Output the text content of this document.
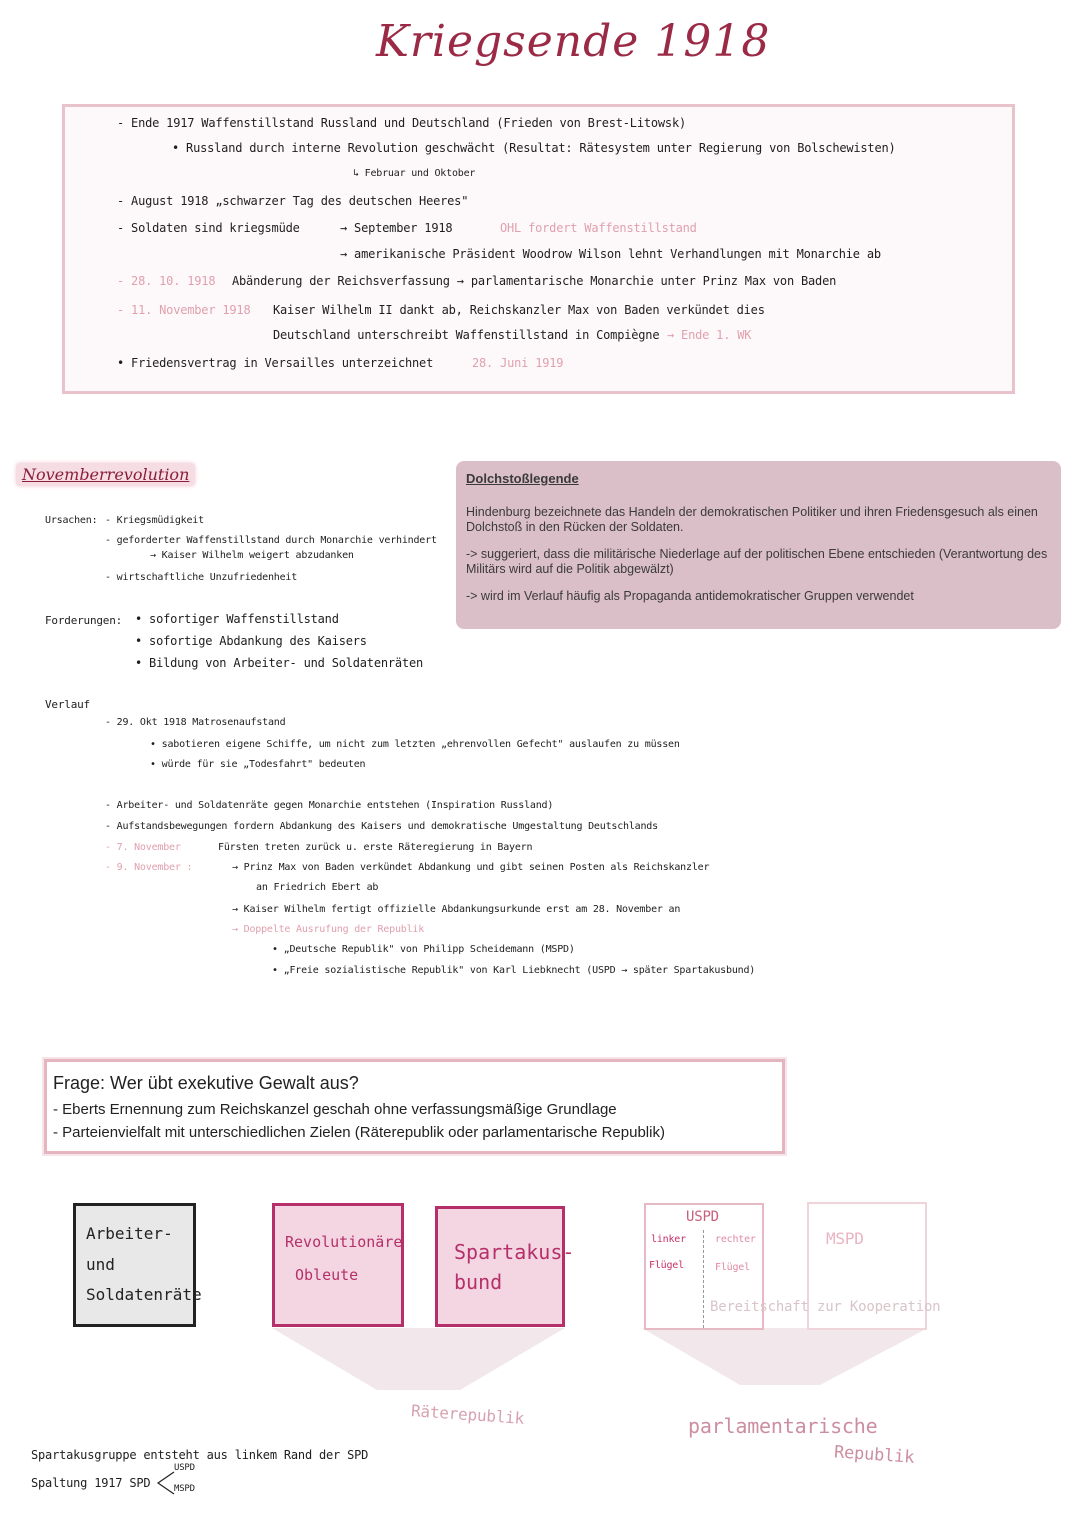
Kriegsende 1918
- Ende 1917 Waffenstillstand Russland und Deutschland (Frieden von Brest-Litowsk)
• Russland durch interne Revolution geschwächt (Resultat: Rätesystem unter Regierung von Bolschewisten)
↳ Februar und Oktober
- August 1918 „schwarzer Tag des deutschen Heeres"
- Soldaten sind kriegsmüde	→ September 1918	OHL fordert Waffenstillstand
→ amerikanische Präsident Woodrow Wilson lehnt Verhandlungen mit Monarchie ab
- 28. 10. 1918 Abänderung der Reichsverfassung → parlamentarische Monarchie unter Prinz Max von Baden
- 11. November 1918 Kaiser Wilhelm II dankt ab, Reichskanzler Max von Baden verkündet dies
Deutschland unterschreibt Waffenstillstand in Compiègne → Ende 1. WK
• Friedensvertrag in Versailles unterzeichnet	28. Juni 1919
Novemberrevolution
Ursachen: - Kriegsmüdigkeit
- geforderter Waffenstillstand durch Monarchie verhindert
→ Kaiser Wilhelm weigert abzudanken
- wirtschaftliche Unzufriedenheit
Forderungen: • sofortiger Waffenstillstand
• sofortige Abdankung des Kaisers
• Bildung von Arbeiter- und Soldatenräten
Verlauf
- 29. Okt 1918 Matrosenaufstand
• sabotieren eigene Schiffe, um nicht zum letzten „ehrenvollen Gefecht" auslaufen zu müssen
• würde für sie „Todesfahrt" bedeuten
- Arbeiter- und Soldatenräte gegen Monarchie entstehen (Inspiration Russland)
- Aufstandsbewegungen fordern Abdankung des Kaisers und demokratische Umgestaltung Deutschlands
- 7. November	Fürsten treten zurück u. erste Räteregierung in Bayern
- 9. November :	→ Prinz Max von Baden verkündet Abdankung und gibt seinen Posten als Reichskanzler
an Friedrich Ebert ab
→ Kaiser Wilhelm fertigt offizielle Abdankungsurkunde erst am 28. November an
→ Doppelte Ausrufung der Republik
• „Deutsche Republik" von Philipp Scheidemann (MSPD)
• „Freie sozialistische Republik" von Karl Liebknecht (USPD → später Spartakusbund)
Dolchstoßlegende

Hindenburg bezeichnete das Handeln der demokratischen Politiker und ihren Friedensgesuch als einen Dolchstoß in den Rücken der Soldaten.

-> suggeriert, dass die militärische Niederlage auf der politischen Ebene entschieden (Verantwortung des Militärs wird auf die Politik abgewälzt)

-> wird im Verlauf häufig als Propaganda antidemokratischer Gruppen verwendet

Frage: Wer übt exekutive Gewalt aus?
- Eberts Ernennung zum Reichskanzel geschah ohne verfassungsmäßige Grundlage
- Parteienvielfalt mit unterschiedlichen Zielen (Räterepublik oder parlamentarische Republik)
Arbeiter- und
Soldatenräte
Revolutionäre
Obleute
Spartakus-
bund
USPD
linker
Flügel
rechter
Flügel
MSPD
Bereitschaft zur Kooperation
Räterepublik	parlamentarische
Republik
Spartakusgruppe entsteht aus linkem Rand der SPD
Spaltung 1917 SPD
USPD
MSPD
